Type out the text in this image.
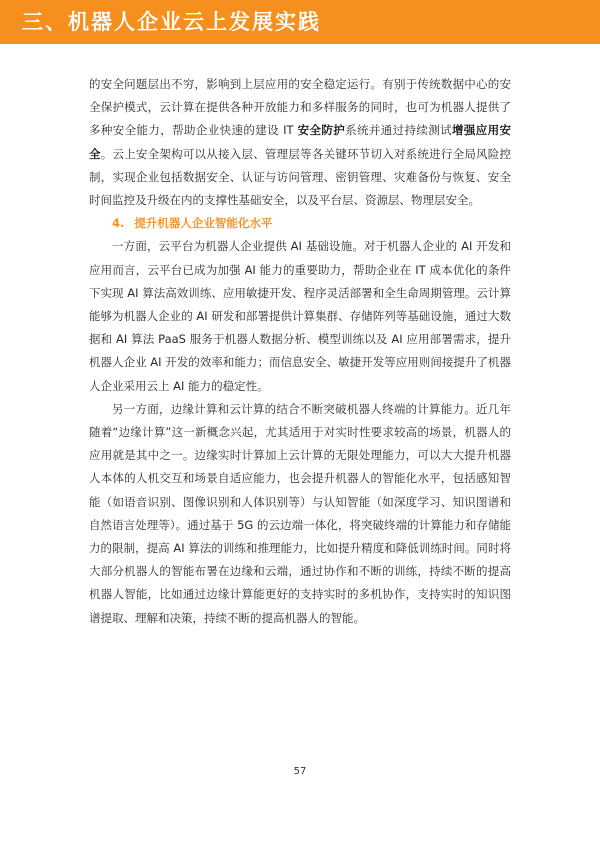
三、机器人企业云上发展实践

的安全问题层出不穷，影响到上层应用的安全稳定运行。有别于传统数据中心的安全保护模式，云计算在提供各种开放能力和多样服务的同时，也可为机器人提供了多种安全能力，帮助企业快速的建设 IT 安全防护系统并通过持续测试增强应用安全。云上安全架构可以从接入层、管理层等各关键环节切入对系统进行全局风险控制，实现企业包括数据安全、认证与访问管理、密钥管理、灾难备份与恢复、安全时间监控及升级在内的支撑性基础安全，以及平台层、资源层、物理层安全。

4. 提升机器人企业智能化水平

一方面，云平台为机器人企业提供 AI 基础设施。对于机器人企业的 AI 开发和应用而言，云平台已成为加强 AI 能力的重要助力，帮助企业在 IT 成本优化的条件下实现 AI 算法高效训练、应用敏捷开发、程序灵活部署和全生命周期管理。云计算能够为机器人企业的 AI 研发和部署提供计算集群、存储阵列等基础设施，通过大数据和 AI 算法 PaaS 服务于机器人数据分析、模型训练以及 AI 应用部署需求，提升机器人企业 AI 开发的效率和能力；而信息安全、敏捷开发等应用则间接提升了机器人企业采用云上 AI 能力的稳定性。

另一方面，边缘计算和云计算的结合不断突破机器人终端的计算能力。近几年随着“边缘计算”这一新概念兴起，尤其适用于对实时性要求较高的场景，机器人的应用就是其中之一。边缘实时计算加上云计算的无限处理能力，可以大大提升机器人本体的人机交互和场景自适应能力，也会提升机器人的智能化水平，包括感知智能（如语音识别、图像识别和人体识别等）与认知智能（如深度学习、知识图谱和自然语言处理等）。通过基于 5G 的云边端一体化，将突破终端的计算能力和存储能力的限制，提高 AI 算法的训练和推理能力，比如提升精度和降低训练时间。同时将大部分机器人的智能布署在边缘和云端，通过协作和不断的训练，持续不断的提高机器人智能，比如通过边缘计算能更好的支持实时的多机协作，支持实时的知识图谱提取、理解和决策，持续不断的提高机器人的智能。

57
